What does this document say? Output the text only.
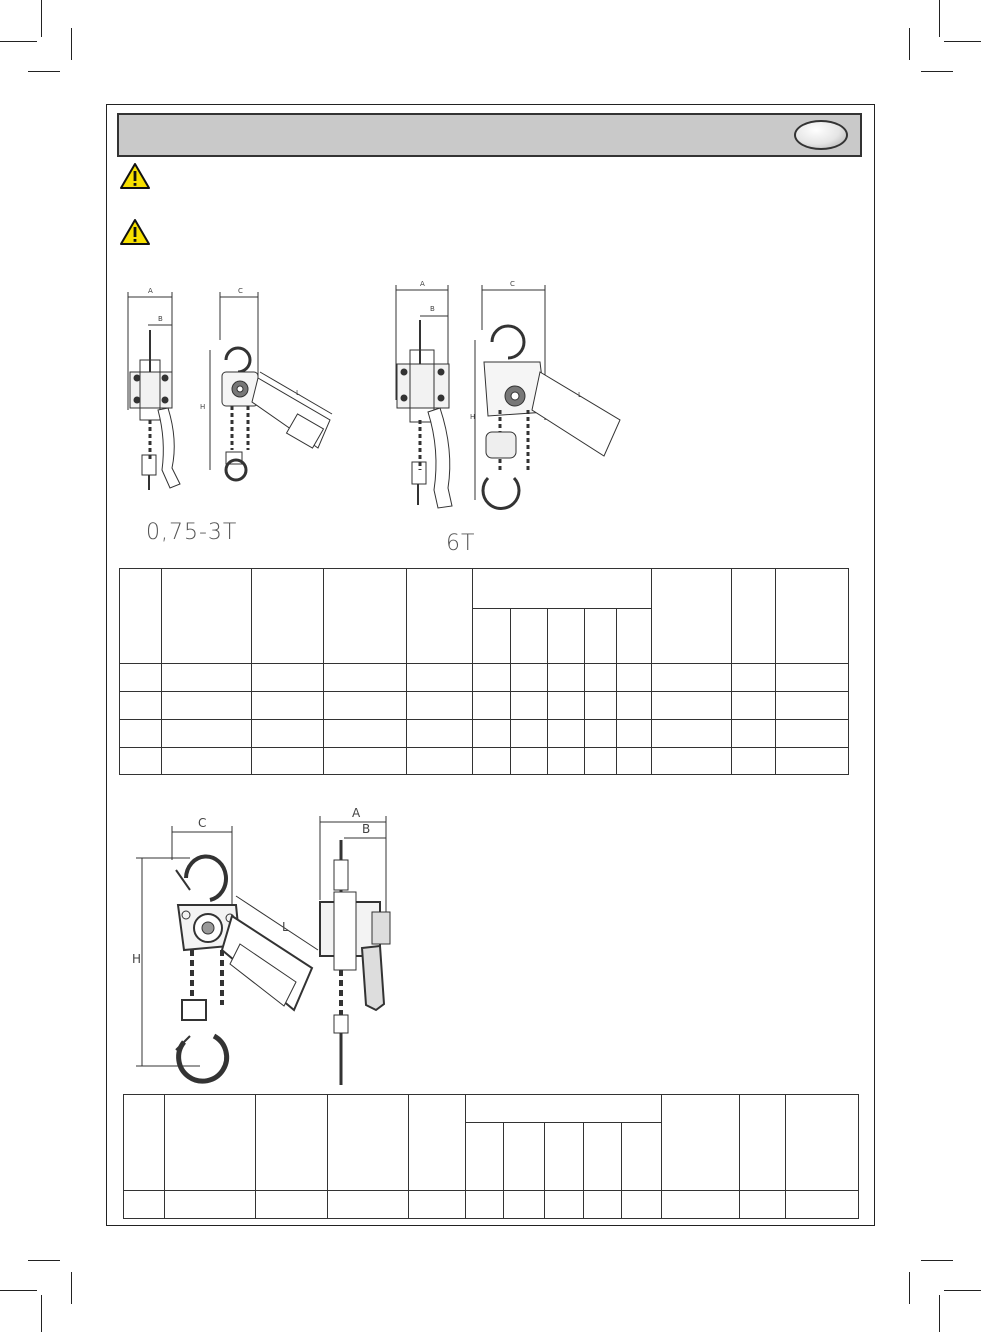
0,75-3T	6T

A
B
C
H
L
A
B
C
H
L
C
A
B
H
L
